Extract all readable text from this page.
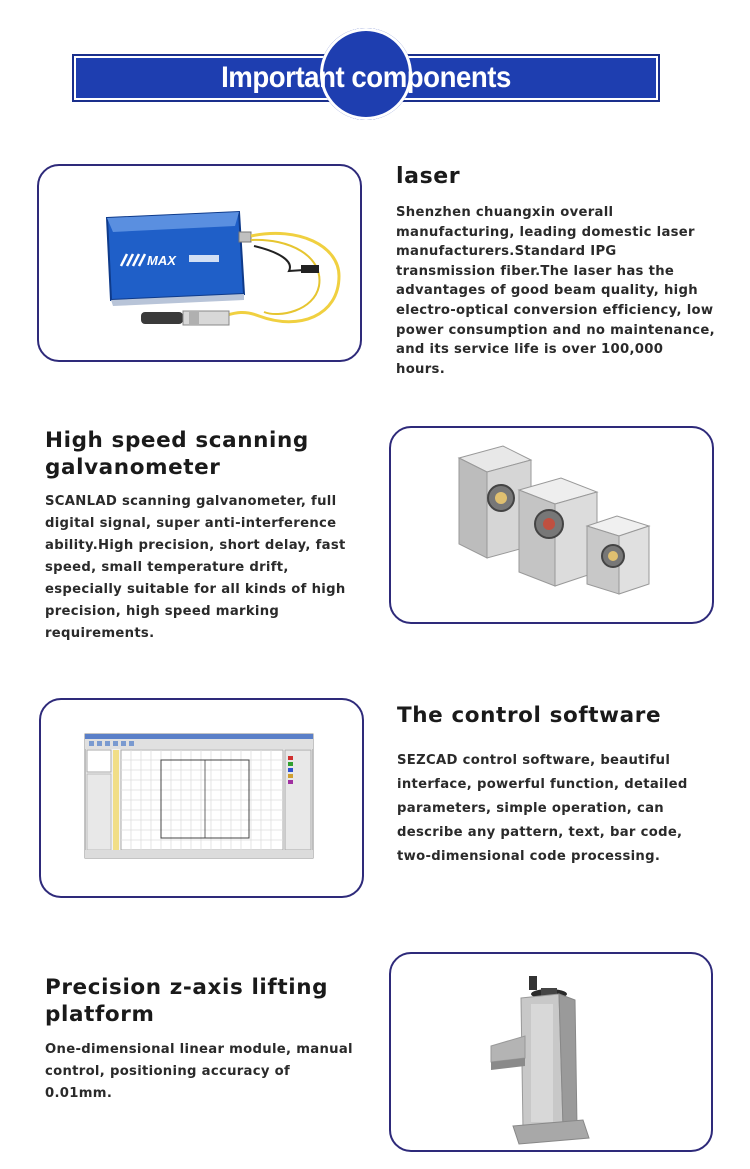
Important components
MAX
laser

Shenzhen chuangxin overall manufacturing, leading domestic laser manufacturers.Standard IPG transmission fiber.The laser has the advantages of good beam quality, high electro-optical conversion efficiency, low power consumption and no maintenance, and its service life is over 100,000 hours.

High speed scanning galvanometer

SCANLAD scanning galvanometer, full digital signal, super anti-interference ability.High precision, short delay, fast speed, small temperature drift, especially suitable for all kinds of high precision, high speed marking requirements.

The control software

SEZCAD control software, beautiful interface, powerful function, detailed parameters, simple operation, can describe any pattern, text, bar code, two-dimensional code processing.

Precision z-axis lifting platform

One-dimensional linear module, manual control, positioning accuracy of 0.01mm.
